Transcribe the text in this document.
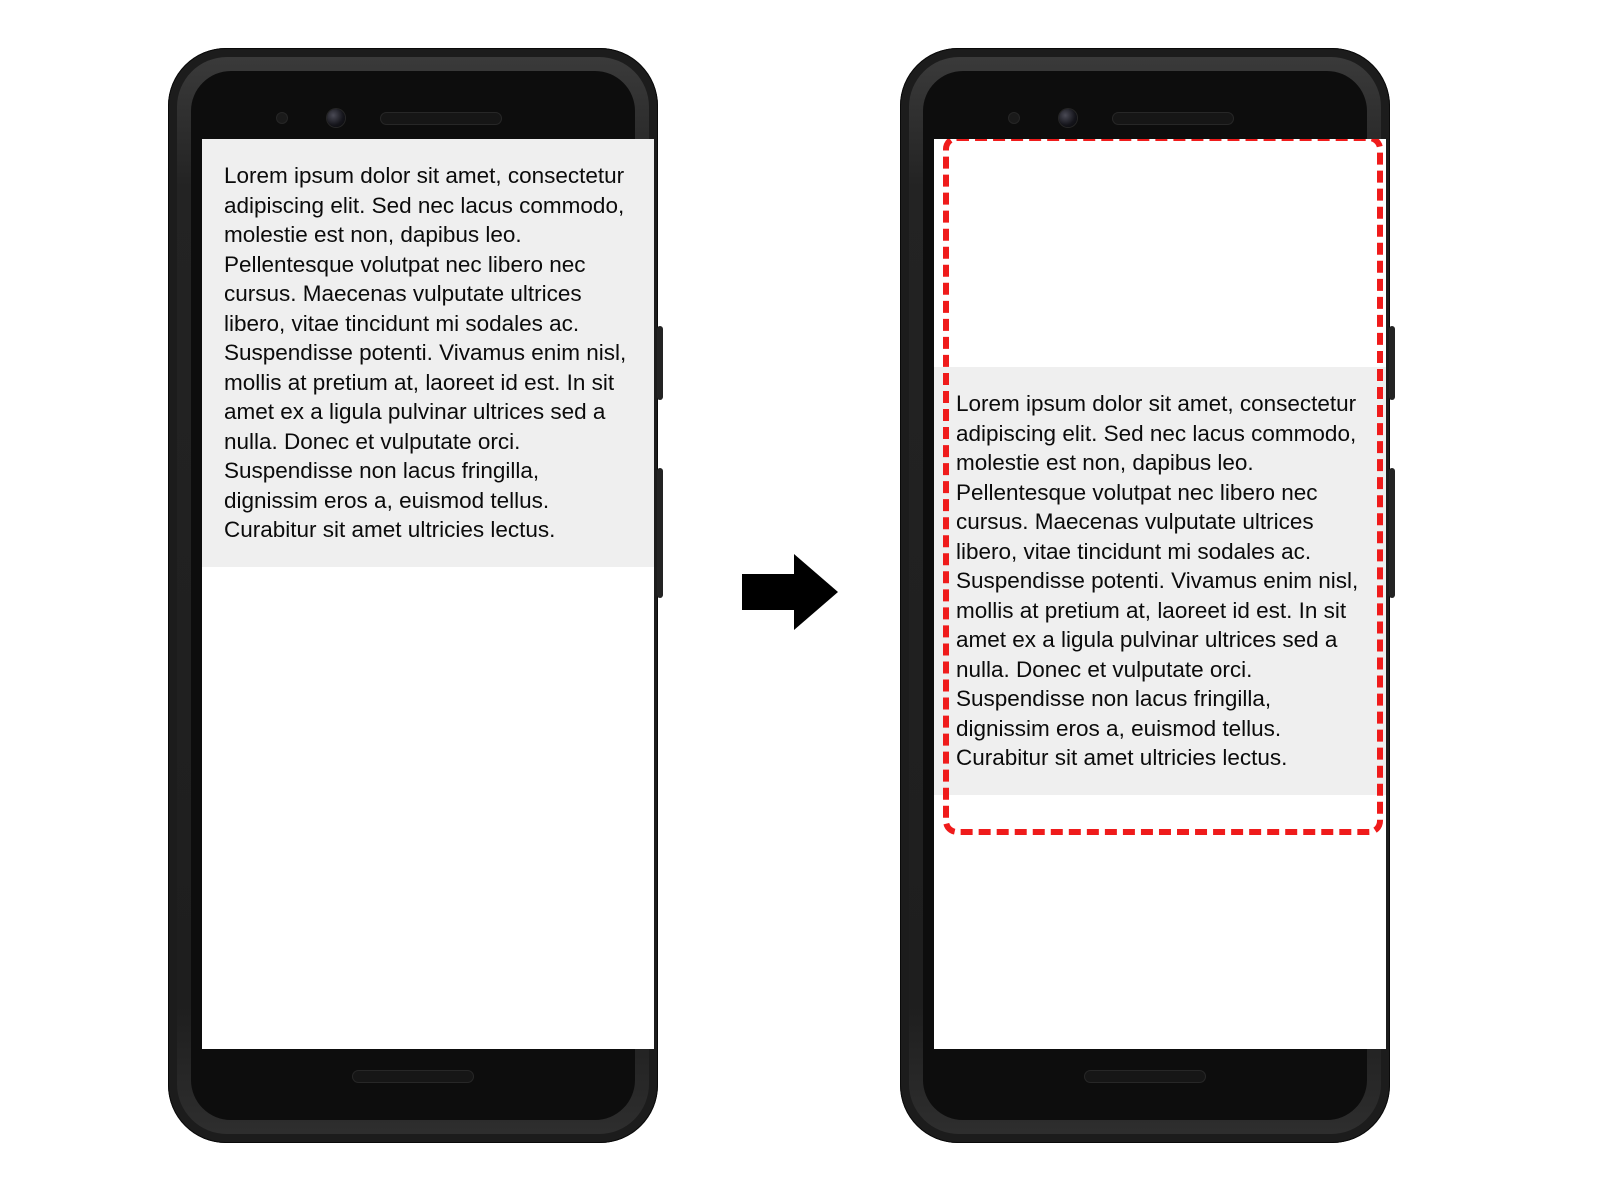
Lorem ipsum dolor sit amet, consectetur adipiscing elit. Sed nec lacus commodo, molestie est non, dapibus leo. Pellentesque volutpat nec libero nec cursus. Maecenas vulputate ultrices libero, vitae tincidunt mi sodales ac. Suspendisse potenti. Vivamus enim nisl, mollis at pretium at, laoreet id est. In sit amet ex a ligula pulvinar ultrices sed a nulla. Donec et vulputate orci. Suspendisse non lacus fringilla, dignissim eros a, euismod tellus. Curabitur sit amet ultricies lectus.

Lorem ipsum dolor sit amet, consectetur adipiscing elit. Sed nec lacus commodo, molestie est non, dapibus leo. Pellentesque volutpat nec libero nec cursus. Maecenas vulputate ultrices libero, vitae tincidunt mi sodales ac. Suspendisse potenti. Vivamus enim nisl, mollis at pretium at, laoreet id est. In sit amet ex a ligula pulvinar ultrices sed a nulla. Donec et vulputate orci. Suspendisse non lacus fringilla, dignissim eros a, euismod tellus. Curabitur sit amet ultricies lectus.
